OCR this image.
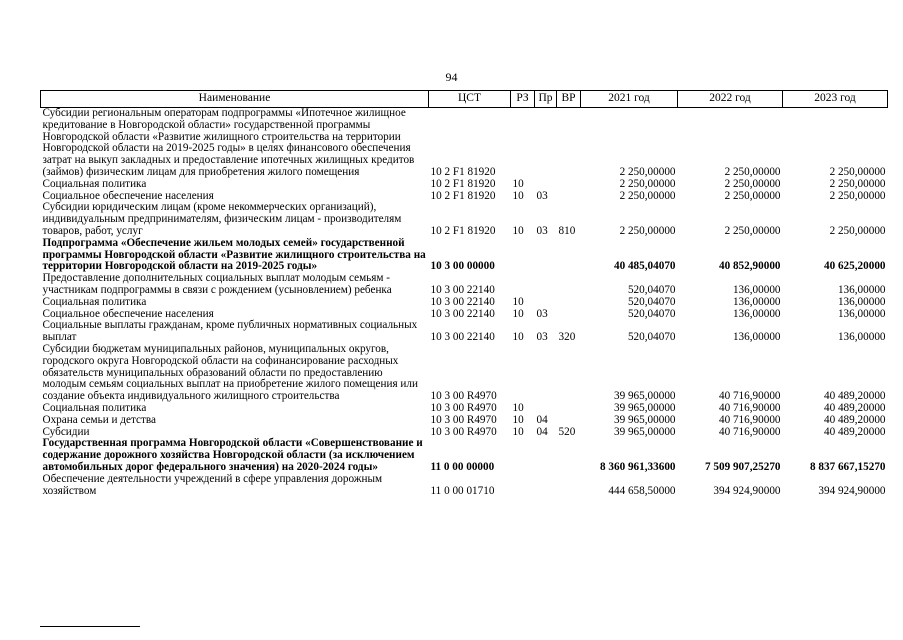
94
Наименование	ЦСТ	РЗ	Пр	ВР	2021 год	2022 год	2023 год
Субсидии региональным операторам подпрограммы «Ипотечное жилищное кредитование в Новгородской области» государственной программы Новгородской области «Развитие жилищного строительства на территории Новгородской области на 2019-2025 годы» в целях финансового обеспечения затрат на выкуп закладных и предоставление ипотечных жилищных кредитов (займов) физическим лицам для приобретения жилого помещения	10 2 F1 81920				2 250,00000	2 250,00000	2 250,00000
Социальная политика	10 2 F1 81920	10			2 250,00000	2 250,00000	2 250,00000
Социальное обеспечение населения	10 2 F1 81920	10	03		2 250,00000	2 250,00000	2 250,00000
Субсидии юридическим лицам (кроме некоммерческих организаций), индивидуальным предпринимателям, физическим лицам - производителям товаров, работ, услуг	10 2 F1 81920	10	03	810	2 250,00000	2 250,00000	2 250,00000
Подпрограмма «Обеспечение жильем молодых семей» государственной программы Новгородской области «Развитие жилищного строительства на территории Новгородской области на 2019-2025 годы»	10 3 00 00000				40 485,04070	40 852,90000	40 625,20000
Предоставление дополнительных социальных выплат молодым семьям - участникам подпрограммы в связи с рождением (усыновлением) ребенка	10 3 00 22140				520,04070	136,00000	136,00000
Социальная политика	10 3 00 22140	10			520,04070	136,00000	136,00000
Социальное обеспечение населения	10 3 00 22140	10	03		520,04070	136,00000	136,00000
Социальные выплаты гражданам, кроме публичных нормативных социальных выплат	10 3 00 22140	10	03	320	520,04070	136,00000	136,00000
Субсидии бюджетам муниципальных районов, муниципальных округов, городского округа Новгородской области на софинансирование расходных обязательств муниципальных образований области по предоставлению молодым семьям социальных выплат на приобретение жилого помещения или создание объекта индивидуального жилищного строительства	10 3 00 R4970				39 965,00000	40 716,90000	40 489,20000
Социальная политика	10 3 00 R4970	10			39 965,00000	40 716,90000	40 489,20000
Охрана семьи и детства	10 3 00 R4970	10	04		39 965,00000	40 716,90000	40 489,20000
Субсидии	10 3 00 R4970	10	04	520	39 965,00000	40 716,90000	40 489,20000
Государственная программа Новгородской области «Совершенствование и содержание дорожного хозяйства Новгородской области (за исключением автомобильных дорог федерального значения) на 2020-2024 годы»	11 0 00 00000				8 360 961,33600	7 509 907,25270	8 837 667,15270
Обеспечение деятельности учреждений в сфере управления дорожным хозяйством	11 0 00 01710				444 658,50000	394 924,90000	394 924,90000
